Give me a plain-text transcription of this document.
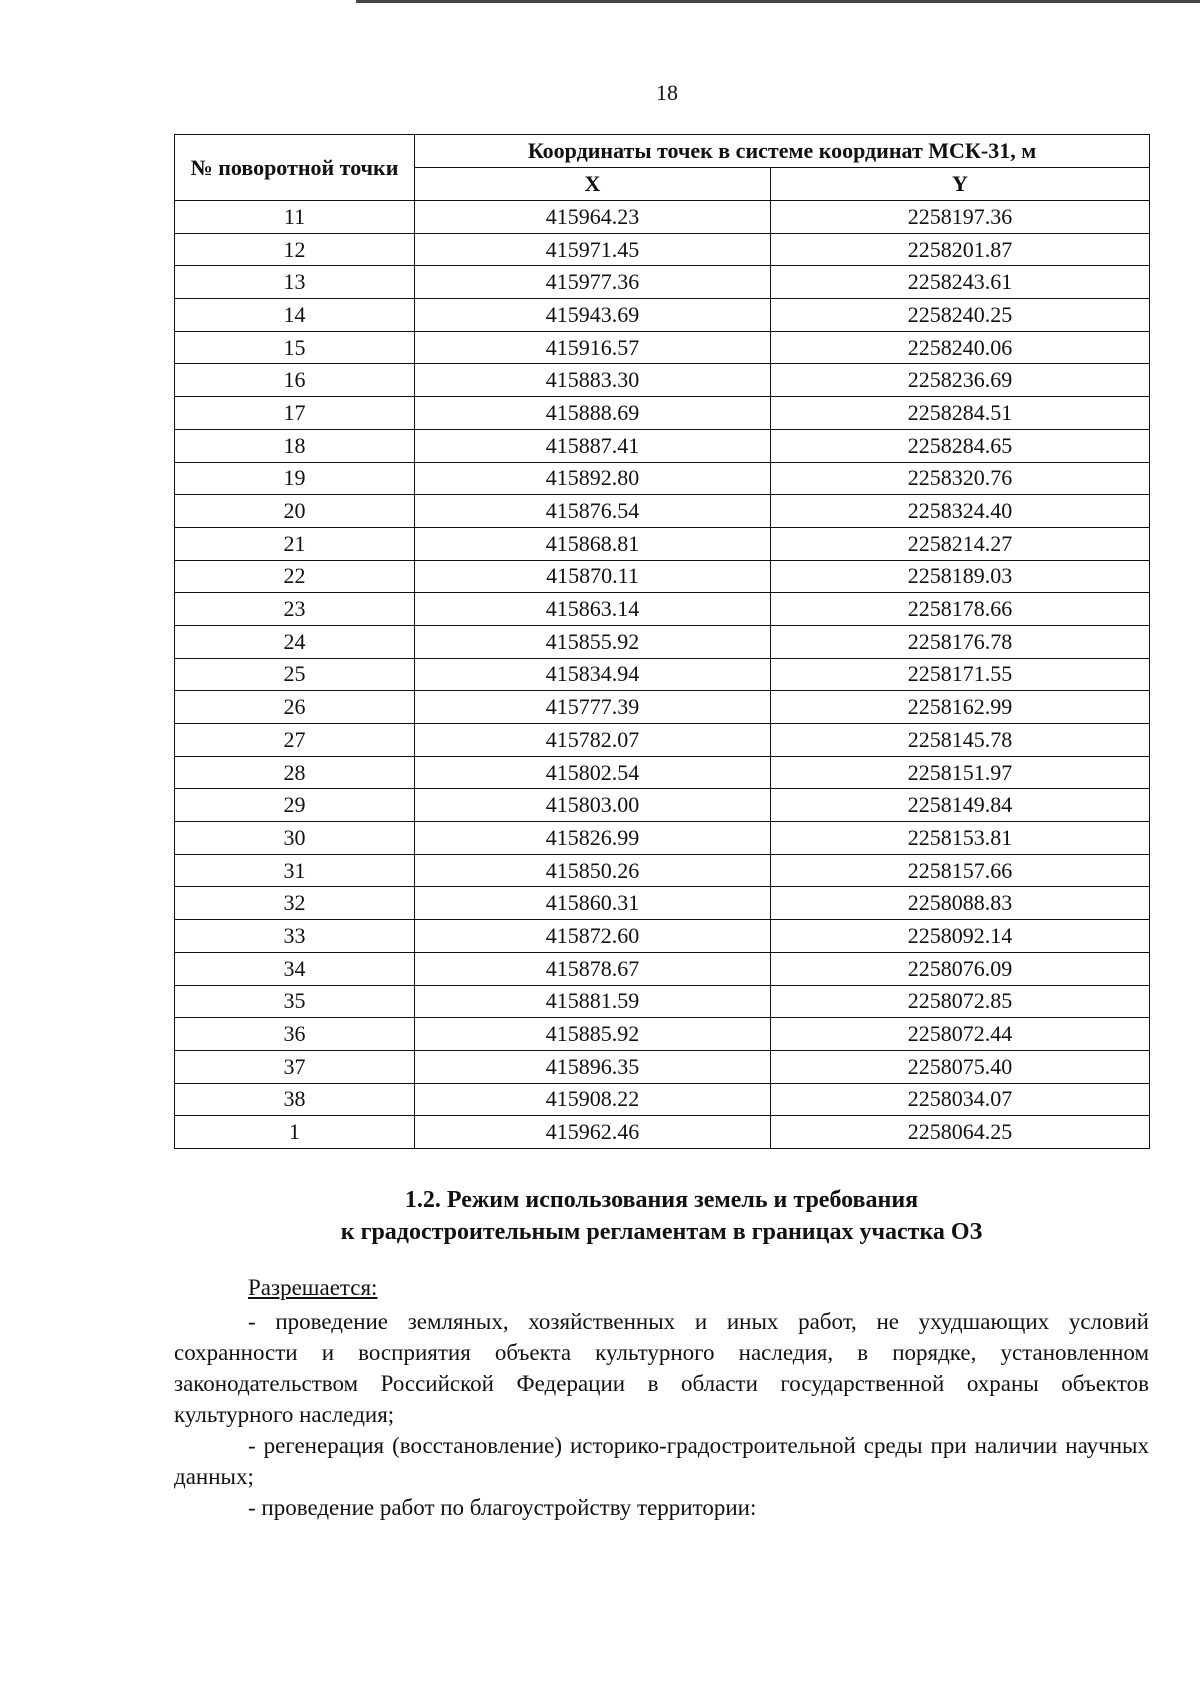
18
№ поворотной точки	Координаты точек в системе координат МСК-31, м	
	X	Y
11	415964.23	2258197.36
12	415971.45	2258201.87
13	415977.36	2258243.61
14	415943.69	2258240.25
15	415916.57	2258240.06
16	415883.30	2258236.69
17	415888.69	2258284.51
18	415887.41	2258284.65
19	415892.80	2258320.76
20	415876.54	2258324.40
21	415868.81	2258214.27
22	415870.11	2258189.03
23	415863.14	2258178.66
24	415855.92	2258176.78
25	415834.94	2258171.55
26	415777.39	2258162.99
27	415782.07	2258145.78
28	415802.54	2258151.97
29	415803.00	2258149.84
30	415826.99	2258153.81
31	415850.26	2258157.66
32	415860.31	2258088.83
33	415872.60	2258092.14
34	415878.67	2258076.09
35	415881.59	2258072.85
36	415885.92	2258072.44
37	415896.35	2258075.40
38	415908.22	2258034.07
1	415962.46	2258064.25
1.2. Режим использования земель и требования
к градостроительным регламентам в границах участка ОЗ

Разрешается:

- проведение земляных, хозяйственных и иных работ, не ухудшающих условий сохранности и восприятия объекта культурного наследия, в порядке, установленном законодательством Российской Федерации в области государственной охраны объектов культурного наследия;

- регенерация (восстановление) историко-градостроительной среды при наличии научных данных;

- проведение работ по благоустройству территории:
